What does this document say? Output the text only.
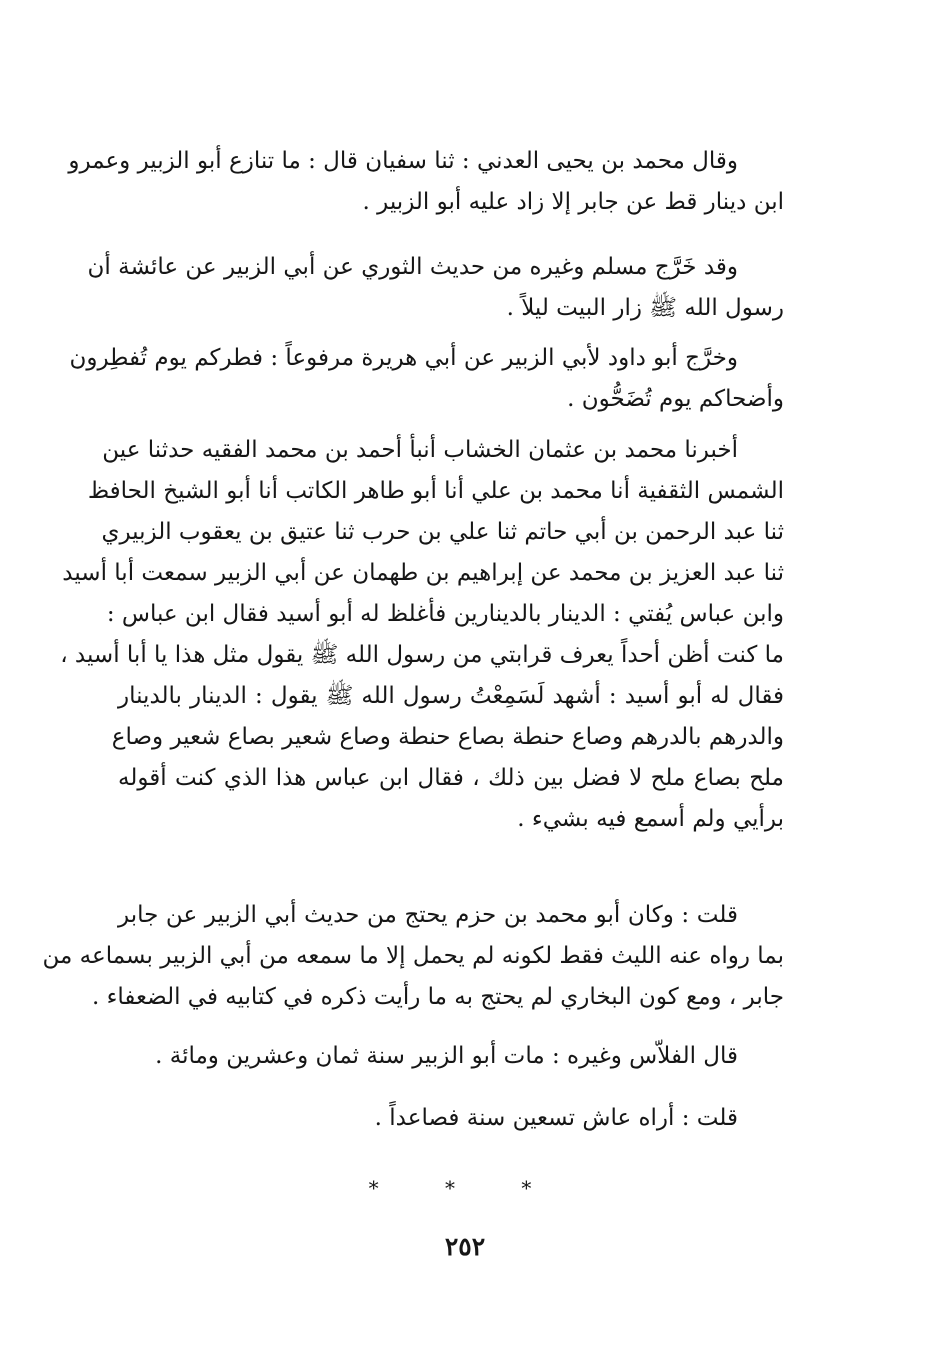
وقال محمد بن يحيى العدني : ثنا سفيان قال : ما تنازع أبو الزبير وعمرو
ابن دينار قط عن جابر إلا زاد عليه أبو الزبير .
وقد خَرَّج مسلم وغيره من حديث الثوري عن أبي الزبير عن عائشة أن
رسول الله ﷺ زار البيت ليلاً .
وخرَّج أبو داود لأبي الزبير عن أبي هريرة مرفوعاً : فطركم يوم تُفطِرون
وأضحاكم يوم تُضَحُّون .
أخبرنا محمد بن عثمان الخشاب أنبأ أحمد بن محمد الفقيه حدثنا عين
الشمس الثقفية أنا محمد بن علي أنا أبو طاهر الكاتب أنا أبو الشيخ الحافظ
ثنا عبد الرحمن بن أبي حاتم ثنا علي بن حرب ثنا عتيق بن يعقوب الزبيري
ثنا عبد العزيز بن محمد عن إبراهيم بن طهمان عن أبي الزبير سمعت أبا أسيد
وابن عباس يُفتي : الدينار بالدينارين فأغلظ له أبو أسيد فقال ابن عباس :
ما كنت أظن أحداً يعرف قرابتي من رسول الله ﷺ يقول مثل هذا يا أبا أسيد ،
فقال له أبو أسيد : أشهد لَسَمِعْتُ رسول الله ﷺ يقول : الدينار بالدينار
والدرهم بالدرهم وصاع حنطة بصاع حنطة وصاع شعير بصاع شعير وصاع
ملح بصاع ملح لا فضل بين ذلك ، فقال ابن عباس هذا الذي كنت أقوله
برأيي ولم أسمع فيه بشيء .
قلت : وكان أبو محمد بن حزم يحتج من حديث أبي الزبير عن جابر
بما رواه عنه الليث فقط لكونه لم يحمل إلا ما سمعه من أبي الزبير بسماعه من
جابر ، ومع كون البخاري لم يحتج به ما رأيت ذكره في كتابيه في الضعفاء .
قال الفلاّس وغيره : مات أبو الزبير سنة ثمان وعشرين ومائة .
قلت : أراه عاش تسعين سنة فصاعداً .
* * *
٢٥٢
